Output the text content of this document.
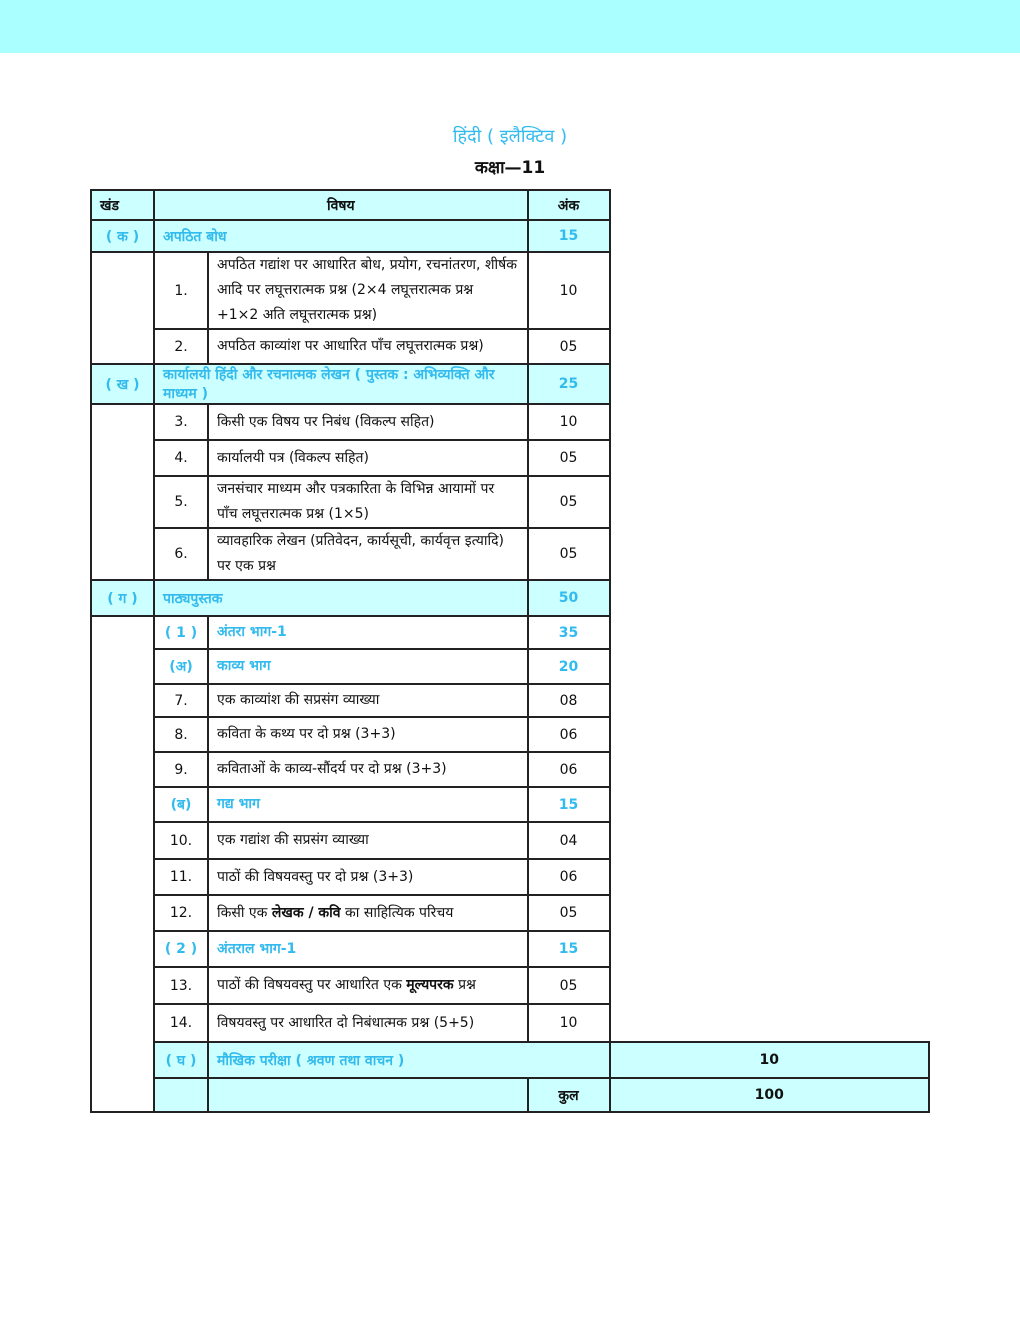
हिंदी ( इलैक्टिव )
कक्षा—11
खंड	विषय		अंक	
( क )	अपठित बोध		15	
	1.	अपठित गद्यांश पर आधारित बोध, प्रयोग, रचनांतरण, शीर्षक आदि पर लघूत्तरात्मक प्रश्न (2×4 लघूत्तरात्मक प्रश्न +1×2 अति लघूत्तरात्मक प्रश्न)	10	
	2.	अपठित काव्यांश पर आधारित पाँच लघूत्तरात्मक प्रश्न)	05	
( ख )	कार्यालयी हिंदी और रचनात्मक लेखन ( पुस्तक : अभिव्यक्ति और माध्यम )		25	
	3.	किसी एक विषय पर निबंध (विकल्प सहित)	10	
	4.	कार्यालयी पत्र (विकल्प सहित)	05	
	5.	जनसंचार माध्यम और पत्रकारिता के विभिन्न आयामों पर पाँच लघूत्तरात्मक प्रश्न (1×5)	05	
	6.	व्यावहारिक लेखन (प्रतिवेदन, कार्यसूची, कार्यवृत्त इत्यादि) पर एक प्रश्न	05	
( ग )	पाठ्यपुस्तक		50	
	( 1 )	अंतरा भाग-1	35	
	(अ)	काव्य भाग	20	
	7.	एक काव्यांश की सप्रसंग व्याख्या	08	
	8.	कविता के कथ्य पर दो प्रश्न (3+3)	06	
	9.	कविताओं के काव्य-सौंदर्य पर दो प्रश्न (3+3)	06	
	(ब)	गद्य भाग	15	
	10.	एक गद्यांश की सप्रसंग व्याख्या	04	
	11.	पाठों की विषयवस्तु पर दो प्रश्न (3+3)	06	
	12.	किसी एक लेखक / कवि का साहित्यिक परिचय	05	
	( 2 )	अंतराल भाग-1	15	
	13.	पाठों की विषयवस्तु पर आधारित एक मूल्यपरक प्रश्न	05	
	14.	विषयवस्तु पर आधारित दो निबंधात्मक प्रश्न (5+5)	10	
	( घ )	मौखिक परीक्षा ( श्रवण तथा वाचन )		10
			कुल	100
